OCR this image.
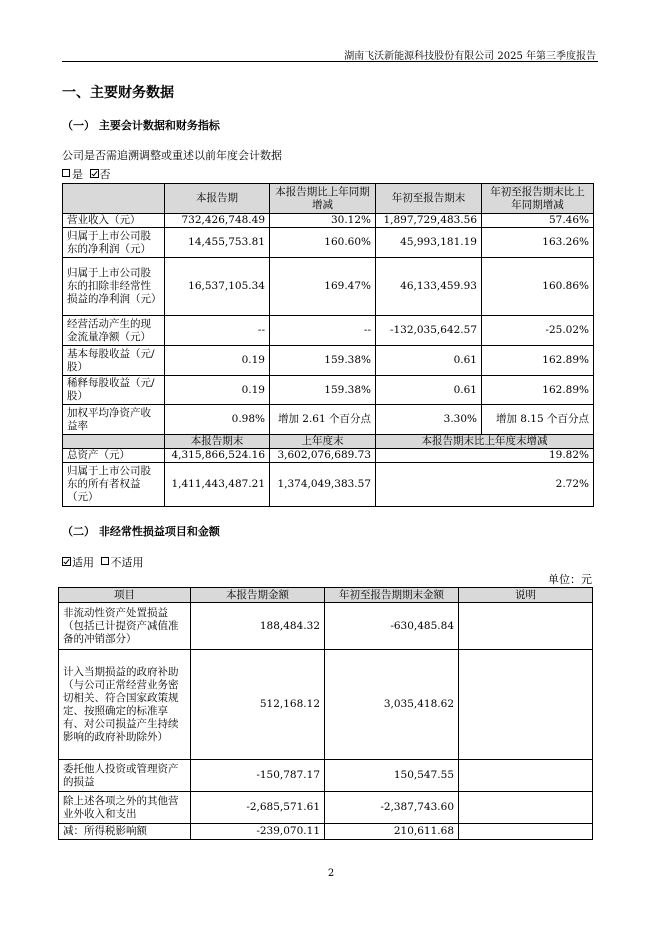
湖南飞沃新能源科技股份有限公司 2025 年第三季度报告
一、主要财务数据
（一） 主要会计数据和财务指标
公司是否需追溯调整或重述以前年度会计数据
是 否
	本报告期	本报告期比上年同期增减	年初至报告期末	年初至报告期末比上年同期增减
营业收入（元）	732,426,748.49	30.12%	1,897,729,483.56	57.46%
归属于上市公司股东的净利润（元）	14,455,753.81	160.60%	45,993,181.19	163.26%
归属于上市公司股东的扣除非经常性损益的净利润（元）	16,537,105.34	169.47%	46,133,459.93	160.86%
经营活动产生的现金流量净额（元）	--	--	-132,035,642.57	-25.02%
基本每股收益（元/股）	0.19	159.38%	0.61	162.89%
稀释每股收益（元/股）	0.19	159.38%	0.61	162.89%
加权平均净资产收益率	0.98%	增加 2.61 个百分点	3.30%	增加 8.15 个百分点
	本报告期末	上年度末	本报告期末比上年度末增减	
总资产（元）	4,315,866,524.16	3,602,076,689.73	19.82%	
归属于上市公司股东的所有者权益（元）	1,411,443,487.21	1,374,049,383.57	2.72%	
（二） 非经常性损益项目和金额
适用 不适用
单位：元
项目	本报告期金额	年初至报告期期末金额	说明
非流动性资产处置损益（包括已计提资产减值准备的冲销部分）	188,484.32	-630,485.84	
计入当期损益的政府补助（与公司正常经营业务密切相关、符合国家政策规定、按照确定的标准享有、对公司损益产生持续影响的政府补助除外）	512,168.12	3,035,418.62	
委托他人投资或管理资产的损益	-150,787.17	150,547.55	
除上述各项之外的其他营业外收入和支出	-2,685,571.61	-2,387,743.60	
减：所得税影响额	-239,070.11	210,611.68	
2
